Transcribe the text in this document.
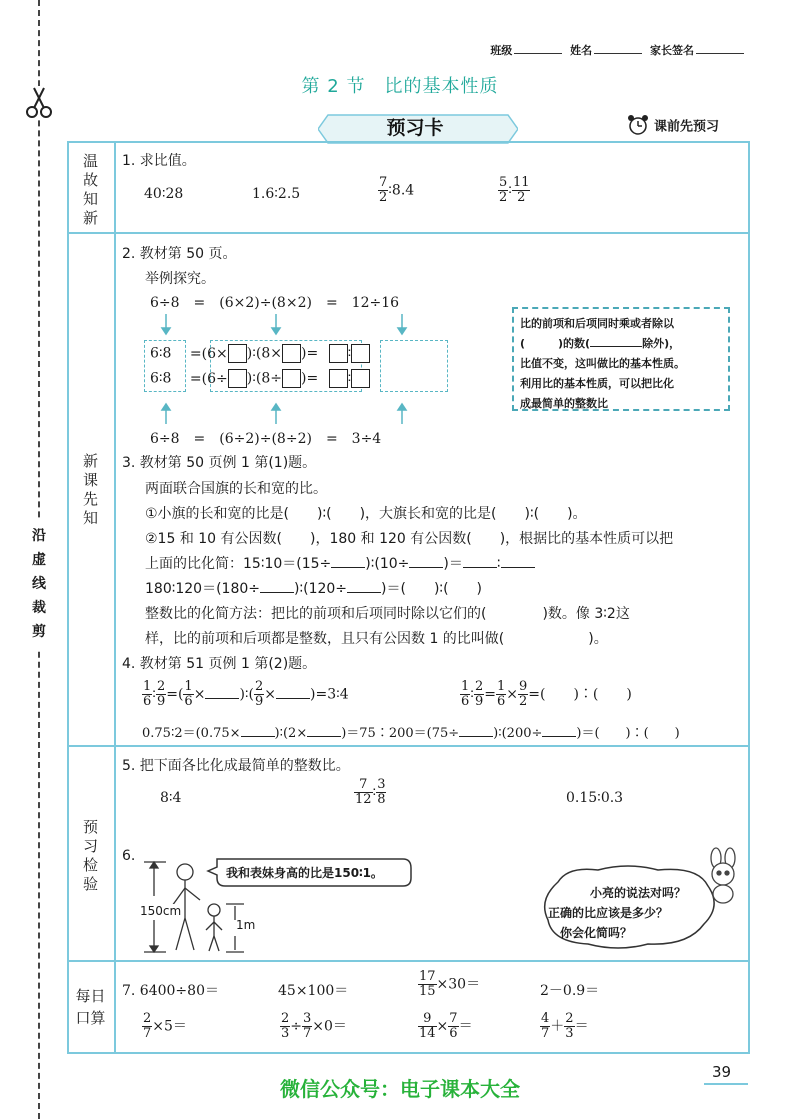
沿
虚
线
裁
剪
班级	姓名	家长签名
第 2 节　比的基本性质
预习卡	课前先预习
温
故
知
新
新
课
先
知
预
习
检
验
每日
口算
1. 求比值。
40∶28	1.6∶2.5	$\frac{7}{2}$ ∶8.4	$\frac{5}{2}$ ∶ $\frac{11}{2}$
2. 教材第 50 页。
举例探究。
6÷8　=　(6×2)÷(8×2)　=　12÷16
6∶8 =(6× )∶(8× )= ∶
6∶8 =(6÷ )∶(8÷ )= ∶
6÷8　=　(6÷2)÷(8÷2)　=　3÷4
比的前项和后项同时乘或者除以
(　　　)的数(	除外)，
比值不变，这叫做比的基本性质。
利用比的基本性质，可以把比化
成最简单的整数比
3. 教材第 50 页例 1 第(1)题。
两面联合国旗的长和宽的比。
①小旗的长和宽的比是(　　)∶(　　)，大旗长和宽的比是(　　)∶(　　)。
②15 和 10 有公因数(　　)，180 和 120 有公因数(　　)，根据比的基本性质可以把
上面的比化简：15∶10＝(15÷ )∶(10÷ )＝ ∶
180∶120＝(180÷ )∶(120÷ )＝(　　)∶(　　)
整数比的化简方法：把比的前项和后项同时除以它们的(　　　　)数。像 3∶2这
样，比的前项和后项都是整数，且只有公因数 1 的比叫做(　　　　　　)。
4. 教材第 51 页例 1 第(2)题。
$\frac{1}{6}$ ∶ $\frac{2}{9}$ =( $\frac{1}{6}$ × )∶( $\frac{2}{9}$ × )=3∶4	$\frac{1}{6}$ ∶ $\frac{2}{9} = \frac{1}{6} \times \frac{9}{2}$ =(　　)∶(　　)
0.75∶2＝(0.75×	)∶(2×	)＝75∶200＝(75÷	)∶(200÷	)＝(　　)∶(　　)
5. 把下面各比化成最简单的整数比。
8∶4	$\frac{7}{12}$ ∶ $\frac{3}{8}$	0.15∶0.3
6.
150cm
1m
我和表妹身高的比是150∶1。
小亮的说法对吗？
正确的比应该是多少？
你会化简吗？
7. 6400÷80＝	45×100＝	$\frac{17}{15} \times 30=$	2－0.9＝
$\frac{2}{7} \times 5=$	$\frac{2}{3} \div \frac{3}{7} \times 0=$	$\frac{9}{14} \times \frac{7}{6}$ ＝	$\frac{4}{7} + \frac{2}{3}$ ＝
39
微信公众号：电子课本大全
